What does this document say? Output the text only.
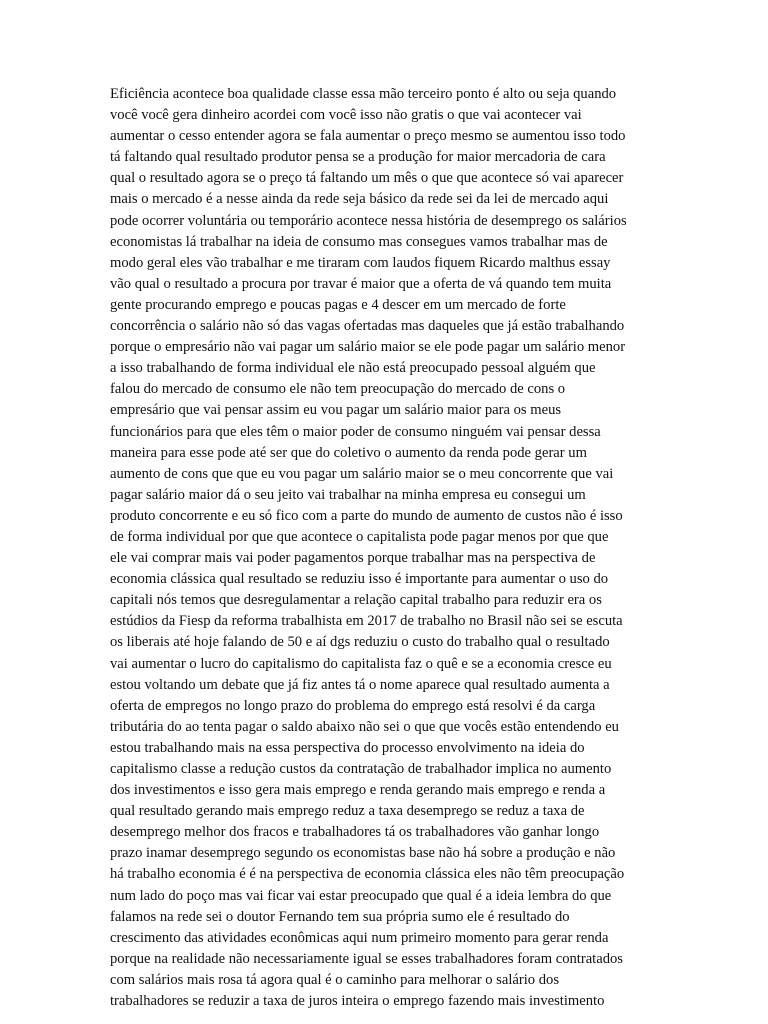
Eficiência acontece boa qualidade classe essa mão terceiro ponto é alto ou seja quando
você você gera dinheiro acordei com você isso não gratis o que vai acontecer vai
aumentar o cesso entender agora se fala aumentar o preço mesmo se aumentou isso todo
tá faltando qual resultado produtor pensa se a produção for maior mercadoria de cara
qual o resultado agora se o preço tá faltando um mês o que que acontece só vai aparecer
mais o mercado é a nesse ainda da rede seja básico da rede sei da lei de mercado aqui
pode ocorrer voluntária ou temporário acontece nessa história de desemprego os salários
economistas lá trabalhar na ideia de consumo mas consegues vamos trabalhar mas de
modo geral eles vão trabalhar e me tiraram com laudos fiquem Ricardo malthus essay
vão qual o resultado a procura por travar é maior que a oferta de vá quando tem muita
gente procurando emprego e poucas pagas e 4 descer em um mercado de forte
concorrência o salário não só das vagas ofertadas mas daqueles que já estão trabalhando
porque o empresário não vai pagar um salário maior se ele pode pagar um salário menor
a isso trabalhando de forma individual ele não está preocupado pessoal alguém que
falou do mercado de consumo ele não tem preocupação do mercado de cons o
empresário que vai pensar assim eu vou pagar um salário maior para os meus
funcionários para que eles têm o maior poder de consumo ninguém vai pensar dessa
maneira para esse pode até ser que do coletivo o aumento da renda pode gerar um
aumento de cons que que eu vou pagar um salário maior se o meu concorrente que vai
pagar salário maior dá o seu jeito vai trabalhar na minha empresa eu consegui um
produto concorrente e eu só fico com a parte do mundo de aumento de custos não é isso
de forma individual por que que acontece o capitalista pode pagar menos por que que
ele vai comprar mais vai poder pagamentos porque trabalhar mas na perspectiva de
economia clássica qual resultado se reduziu isso é importante para aumentar o uso do
capitali nós temos que desregulamentar a relação capital trabalho para reduzir era os
estúdios da Fiesp da reforma trabalhista em 2017 de trabalho no Brasil não sei se escuta
os liberais até hoje falando de 50 e aí dgs reduziu o custo do trabalho qual o resultado
vai aumentar o lucro do capitalismo do capitalista faz o quê e se a economia cresce eu
estou voltando um debate que já fiz antes tá o nome aparece qual resultado aumenta a
oferta de empregos no longo prazo do problema do emprego está resolvi é da carga
tributária do ao tenta pagar o saldo abaixo não sei o que que vocês estão entendendo eu
estou trabalhando mais na essa perspectiva do processo envolvimento na ideia do
capitalismo classe a redução custos da contratação de trabalhador implica no aumento
dos investimentos e isso gera mais emprego e renda gerando mais emprego e renda a
qual resultado gerando mais emprego reduz a taxa desemprego se reduz a taxa de
desemprego melhor dos fracos e trabalhadores tá os trabalhadores vão ganhar longo
prazo inamar desemprego segundo os economistas base não há sobre a produção e não
há trabalho economia é é na perspectiva de economia clássica eles não têm preocupação
num lado do poço mas vai ficar vai estar preocupado que qual é a ideia lembra do que
falamos na rede sei o doutor Fernando tem sua própria sumo ele é resultado do
crescimento das atividades econômicas aqui num primeiro momento para gerar renda
porque na realidade não necessariamente igual se esses trabalhadores foram contratados
com salários mais rosa tá agora qual é o caminho para melhorar o salário dos
trabalhadores se reduzir a taxa de juros inteira o emprego fazendo mais investimento
